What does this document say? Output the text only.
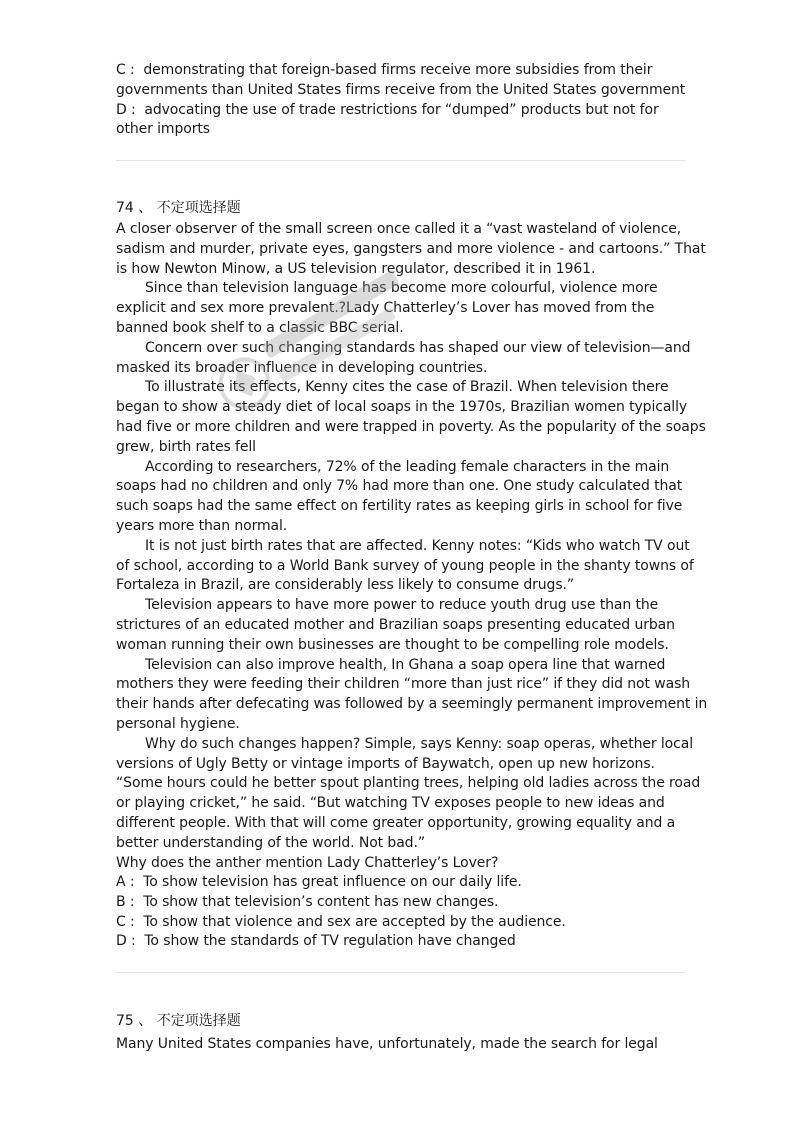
C : demonstrating that foreign-based firms receive more subsidies from their
governments than United States firms receive from the United States government
D : advocating the use of trade restrictions for “dumped” products but not for
other imports
74 、 不定项选择题
A closer observer of the small screen once called it a “vast wasteland of violence,
sadism and murder, private eyes, gangsters and more violence - and cartoons.” That
is how Newton Minow, a US television regulator, described it in 1961.
Since than television language has become more colourful, violence more
explicit and sex more prevalent.?Lady Chatterley’s Lover has moved from the
banned book shelf to a classic BBC serial.
Concern over such changing standards has shaped our view of television—and
masked its broader influence in developing countries.
To illustrate its effects, Kenny cites the case of Brazil. When television there
began to show a steady diet of local soaps in the 1970s, Brazilian women typically
had five or more children and were trapped in poverty. As the popularity of the soaps
grew, birth rates fell
According to researchers, 72% of the leading female characters in the main
soaps had no children and only 7% had more than one. One study calculated that
such soaps had the same effect on fertility rates as keeping girls in school for five
years more than normal.
It is not just birth rates that are affected. Kenny notes: “Kids who watch TV out
of school, according to a World Bank survey of young people in the shanty towns of
Fortaleza in Brazil, are considerably less likely to consume drugs.”
Television appears to have more power to reduce youth drug use than the
strictures of an educated mother and Brazilian soaps presenting educated urban
woman running their own businesses are thought to be compelling role models.
Television can also improve health, In Ghana a soap opera line that warned
mothers they were feeding their children “more than just rice” if they did not wash
their hands after defecating was followed by a seemingly permanent improvement in
personal hygiene.
Why do such changes happen? Simple, says Kenny: soap operas, whether local
versions of Ugly Betty or vintage imports of Baywatch, open up new horizons.
“Some hours could he better spout planting trees, helping old ladies across the road
or playing cricket,” he said. “But watching TV exposes people to new ideas and
different people. With that will come greater opportunity, growing equality and a
better understanding of the world. Not bad.”
Why does the anther mention Lady Chatterley’s Lover?
A : To show television has great influence on our daily life.
B : To show that television’s content has new changes.
C : To show that violence and sex are accepted by the audience.
D : To show the standards of TV regulation have changed
75 、 不定项选择题
Many United States companies have, unfortunately, made the search for legal
